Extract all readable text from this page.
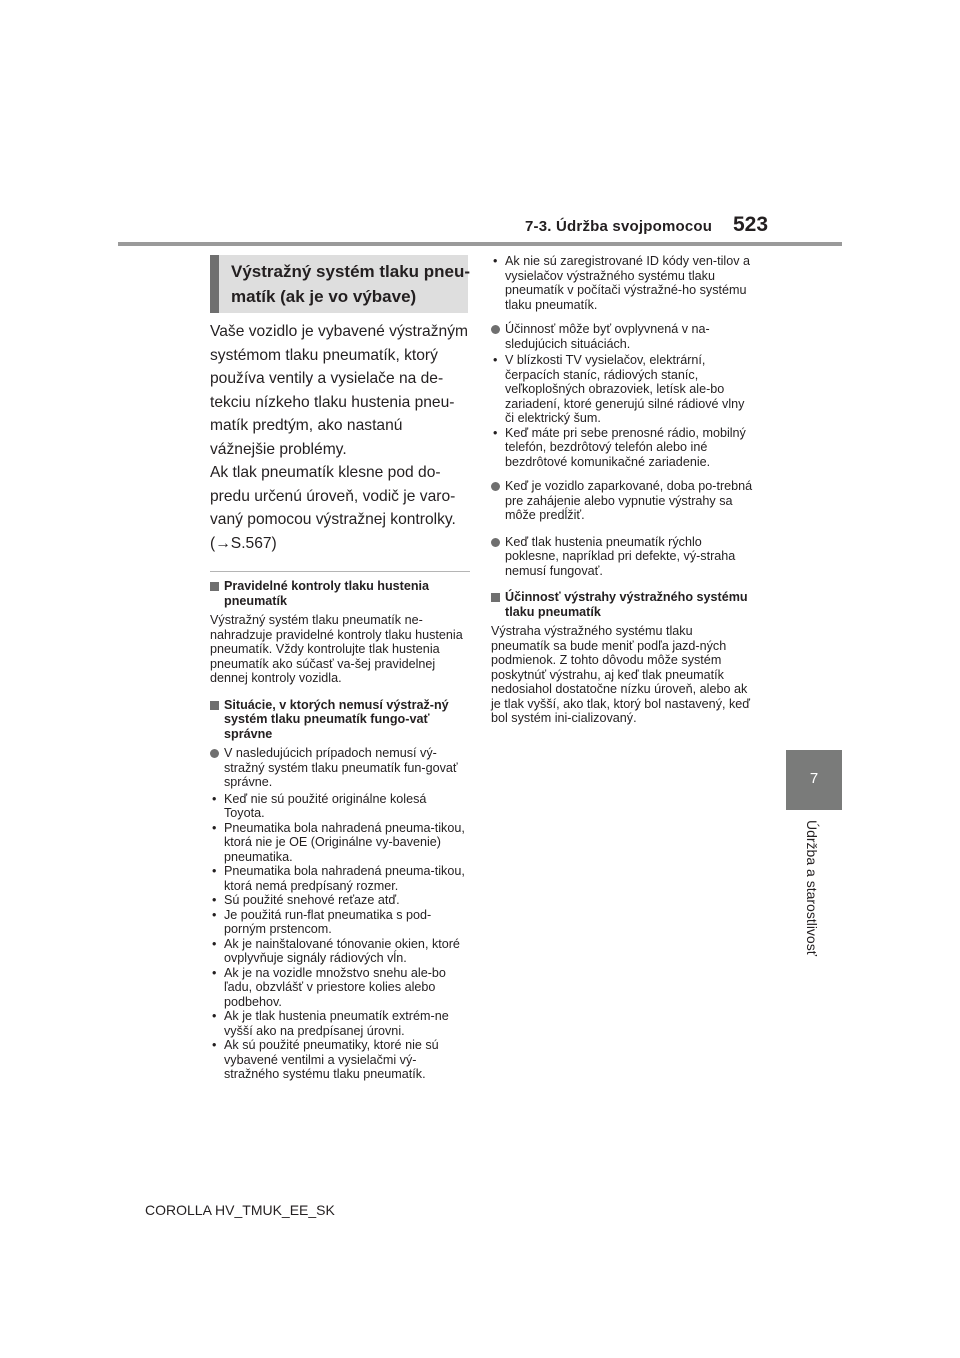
7-3. Údržba svojpomocou 523
7
Údržba a starostlivosť
Výstražný systém tlaku pneu-matík (ak je vo výbave)

Vaše vozidlo je vybavené výstražným systémom tlaku pneumatík, ktorý používa ventily a vysielače na de-tekciu nízkeho tlaku hustenia pneu-matík predtým, ako nastanú vážnejšie problémy.

Ak tlak pneumatík klesne pod do-predu určenú úroveň, vodič je varo-vaný pomocou výstražnej kontrolky.

(→S.567)

Pravidelné kontroly tlaku hustenia pneumatík
Výstražný systém tlaku pneumatík ne-nahradzuje pravidelné kontroly tlaku hustenia pneumatík. Vždy kontrolujte tlak hustenia pneumatík ako súčasť va-šej pravidelnej dennej kontroly vozidla.
Situácie, v ktorých nemusí výstraž-ný systém tlaku pneumatík fungo-vať správne
V nasledujúcich prípadoch nemusí vý-stražný systém tlaku pneumatík fun-govať správne.
• Keď nie sú použité originálne kolesá Toyota.
• Pneumatika bola nahradená pneuma-tikou, ktorá nie je OE (Originálne vy-bavenie) pneumatika.
• Pneumatika bola nahradená pneuma-tikou, ktorá nemá predpísaný rozmer.
• Sú použité snehové reťaze atď.
• Je použitá run-flat pneumatika s pod-porným prstencom.
• Ak je nainštalované tónovanie okien, ktoré ovplyvňuje signály rádiových vĺn.
• Ak je na vozidle množstvo snehu ale-bo ľadu, obzvlášť v priestore kolies alebo podbehov.
• Ak je tlak hustenia pneumatík extrém-ne vyšší ako na predpísanej úrovni.
• Ak sú použité pneumatiky, ktoré nie sú vybavené ventilmi a vysielačmi vý-stražného systému tlaku pneumatík.
• Ak nie sú zaregistrované ID kódy ven-tilov a vysielačov výstražného systému tlaku pneumatík v počítači výstražné-ho systému tlaku pneumatík.
Účinnosť môže byť ovplyvnená v na-sledujúcich situáciách.
• V blízkosti TV vysielačov, elektrární, čerpacích staníc, rádiových staníc, veľkoplošných obrazoviek, letísk ale-bo zariadení, ktoré generujú silné rádiové vlny či elektrický šum.
• Keď máte pri sebe prenosné rádio, mobilný telefón, bezdrôtový telefón alebo iné bezdrôtové komunikačné zariadenie.
Keď je vozidlo zaparkované, doba po-trebná pre zahájenie alebo vypnutie výstrahy sa môže predĺžiť.
Keď tlak hustenia pneumatík rýchlo poklesne, napríklad pri defekte, vý-straha nemusí fungovať.
Účinnosť výstrahy výstražného systému tlaku pneumatík
Výstraha výstražného systému tlaku pneumatík sa bude meniť podľa jazd-ných podmienok. Z tohto dôvodu môže systém poskytnúť výstrahu, aj keď tlak pneumatík nedosiahol dostatočne nízku úroveň, alebo ak je tlak vyšší, ako tlak, ktorý bol nastavený, keď bol systém ini-cializovaný.
COROLLA HV_TMUK_EE_SK
